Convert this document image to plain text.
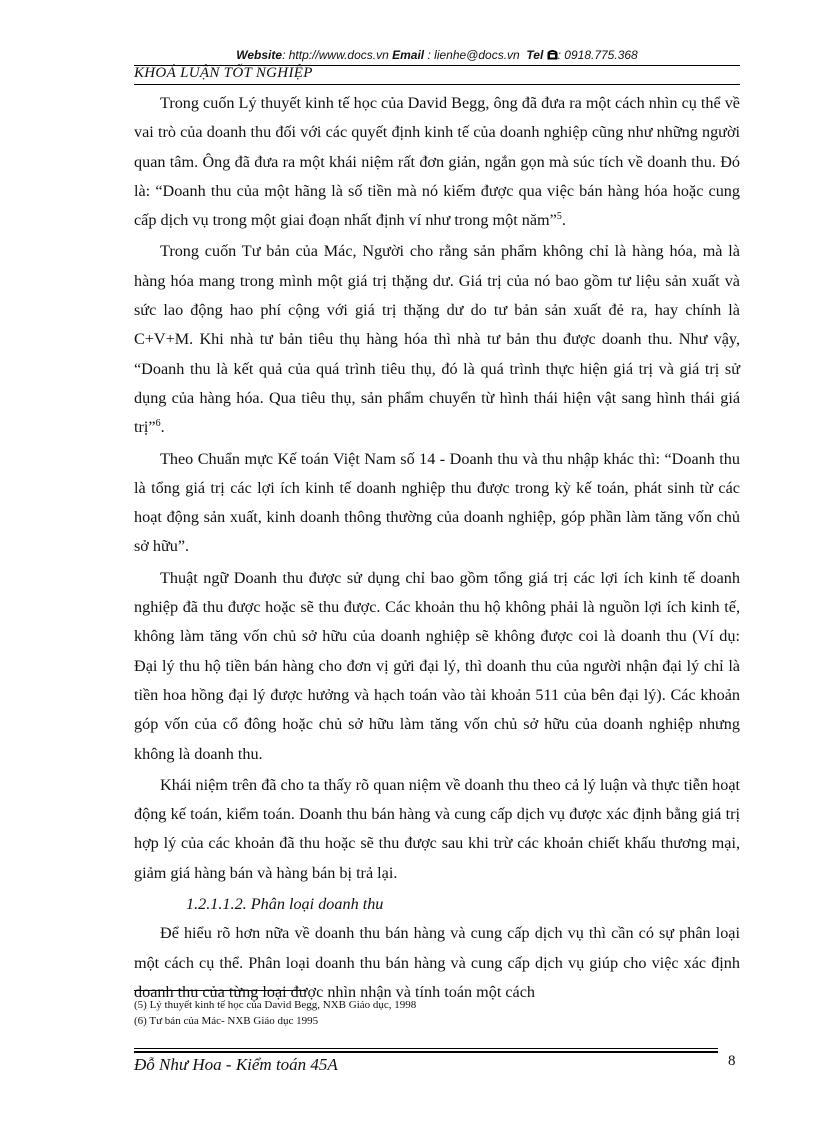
Website: http://www.docs.vn Email : lienhe@docs.vn Tel : 0918.775.368
KHOÁ LUẬN TỐT NGHIỆP

Trong cuốn Lý thuyết kinh tế học của David Begg, ông đã đưa ra một cách nhìn cụ thể về vai trò của doanh thu đối với các quyết định kinh tế của doanh nghiệp cũng như những người quan tâm. Ông đã đưa ra một khái niệm rất đơn giản, ngắn gọn mà súc tích về doanh thu. Đó là: “Doanh thu của một hãng là số tiền mà nó kiếm được qua việc bán hàng hóa hoặc cung cấp dịch vụ trong một giai đoạn nhất định ví như trong một năm”$^5$.

Trong cuốn Tư bản của Mác, Người cho rằng sản phẩm không chỉ là hàng hóa, mà là hàng hóa mang trong mình một giá trị thặng dư. Giá trị của nó bao gồm tư liệu sản xuất và sức lao động hao phí cộng với giá trị thặng dư do tư bản sản xuất đẻ ra, hay chính là C+V+M. Khi nhà tư bản tiêu thụ hàng hóa thì nhà tư bản thu được doanh thu. Như vậy, “Doanh thu là kết quả của quá trình tiêu thụ, đó là quá trình thực hiện giá trị và giá trị sử dụng của hàng hóa. Qua tiêu thụ, sản phẩm chuyển từ hình thái hiện vật sang hình thái giá trị”$^6$.

Theo Chuẩn mực Kế toán Việt Nam số 14 - Doanh thu và thu nhập khác thì: “Doanh thu là tổng giá trị các lợi ích kinh tế doanh nghiệp thu được trong kỳ kế toán, phát sinh từ các hoạt động sản xuất, kinh doanh thông thường của doanh nghiệp, góp phần làm tăng vốn chủ sở hữu”.

Thuật ngữ Doanh thu được sử dụng chỉ bao gồm tổng giá trị các lợi ích kinh tế doanh nghiệp đã thu được hoặc sẽ thu được. Các khoản thu hộ không phải là nguồn lợi ích kinh tế, không làm tăng vốn chủ sở hữu của doanh nghiệp sẽ không được coi là doanh thu (Ví dụ: Đại lý thu hộ tiền bán hàng cho đơn vị gửi đại lý, thì doanh thu của người nhận đại lý chỉ là tiền hoa hồng đại lý được hưởng và hạch toán vào tài khoản 511 của bên đại lý). Các khoản góp vốn của cổ đông hoặc chủ sở hữu làm tăng vốn chủ sở hữu của doanh nghiệp nhưng không là doanh thu.

Khái niệm trên đã cho ta thấy rõ quan niệm về doanh thu theo cả lý luận và thực tiễn hoạt động kế toán, kiểm toán. Doanh thu bán hàng và cung cấp dịch vụ được xác định bằng giá trị hợp lý của các khoản đã thu hoặc sẽ thu được sau khi trừ các khoản chiết khấu thương mại, giảm giá hàng bán và hàng bán bị trả lại.

1.2.1.1.2. Phân loại doanh thu

Để hiểu rõ hơn nữa về doanh thu bán hàng và cung cấp dịch vụ thì cần có sự phân loại một cách cụ thể. Phân loại doanh thu bán hàng và cung cấp dịch vụ giúp cho việc xác định doanh thu của từng loại được nhìn nhận và tính toán một cách

(5) Lý thuyết kinh tế học của David Begg, NXB Giáo dục, 1998
(6) Tư bản của Mác- NXB Giáo dục 1995
Đỗ Như Hoa - Kiểm toán 45A	8
